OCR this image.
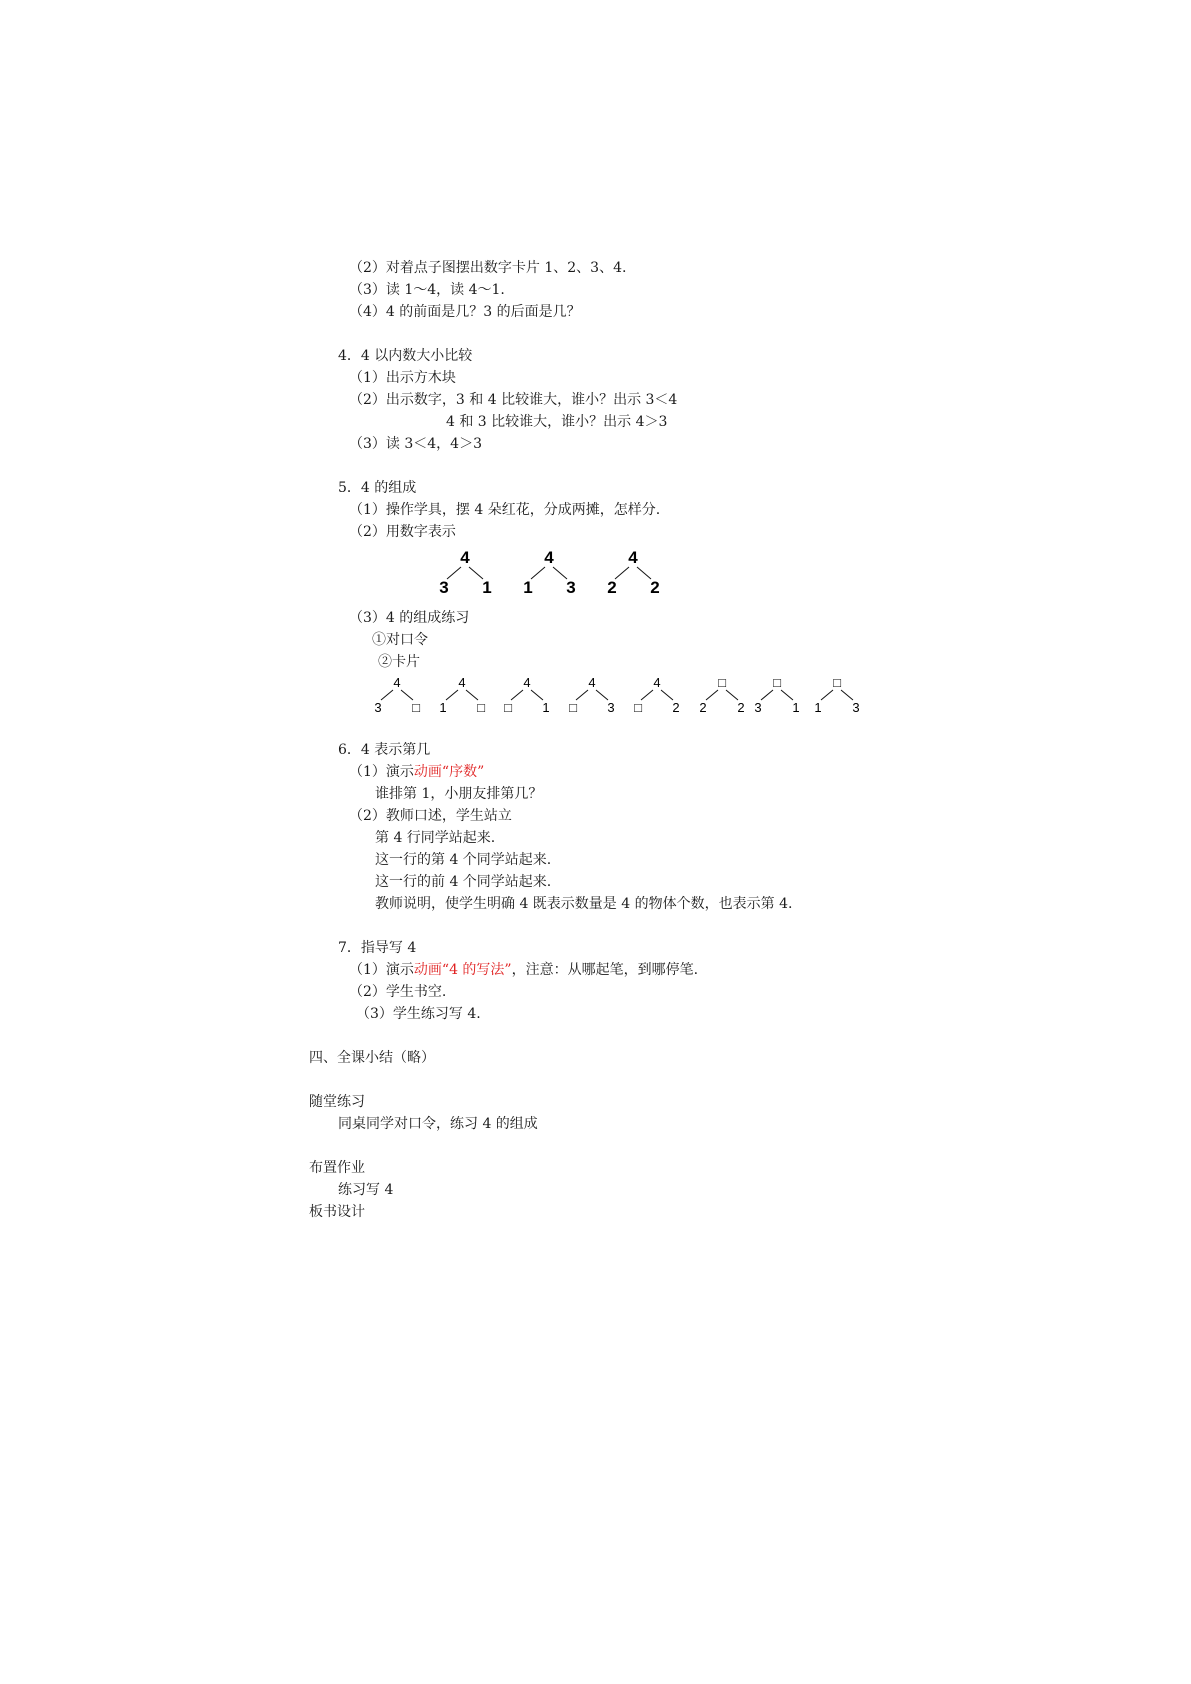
（2）对着点子图摆出数字卡片 1、2、3、4.
（3）读 1～4，读 4～1.
（4）4 的前面是几？3 的后面是几？
4．4 以内数大小比较
（1）出示方木块
（2）出示数字，3 和 4 比较谁大，谁小？出示 3＜4
4 和 3 比较谁大，谁小？出示 4＞3
（3）读 3＜4，4＞3
5．4 的组成
（1）操作学具，摆 4 朵红花，分成两摊，怎样分.
（2）用数字表示
4
3 1
4
1 3
4
2 2
（3）4 的组成练习
①对口令
②卡片
4
3 □
4
1 □
4
□ 1
4
□ 3
4
□ 2
□
2 2
□
3 1
□
1 3
6．4 表示第几
（1）演示动画“序数”
谁排第 1，小朋友排第几？
（2）教师口述，学生站立
第 4 行同学站起来.
这一行的第 4 个同学站起来.
这一行的前 4 个同学站起来.
教师说明，使学生明确 4 既表示数量是 4 的物体个数，也表示第 4.
7．指导写 4
（1）演示动画“4 的写法”，注意：从哪起笔，到哪停笔.
（2）学生书空.
（3）学生练习写 4.
四、全课小结（略）
随堂练习
同桌同学对口令，练习 4 的组成
布置作业
练习写 4
板书设计
